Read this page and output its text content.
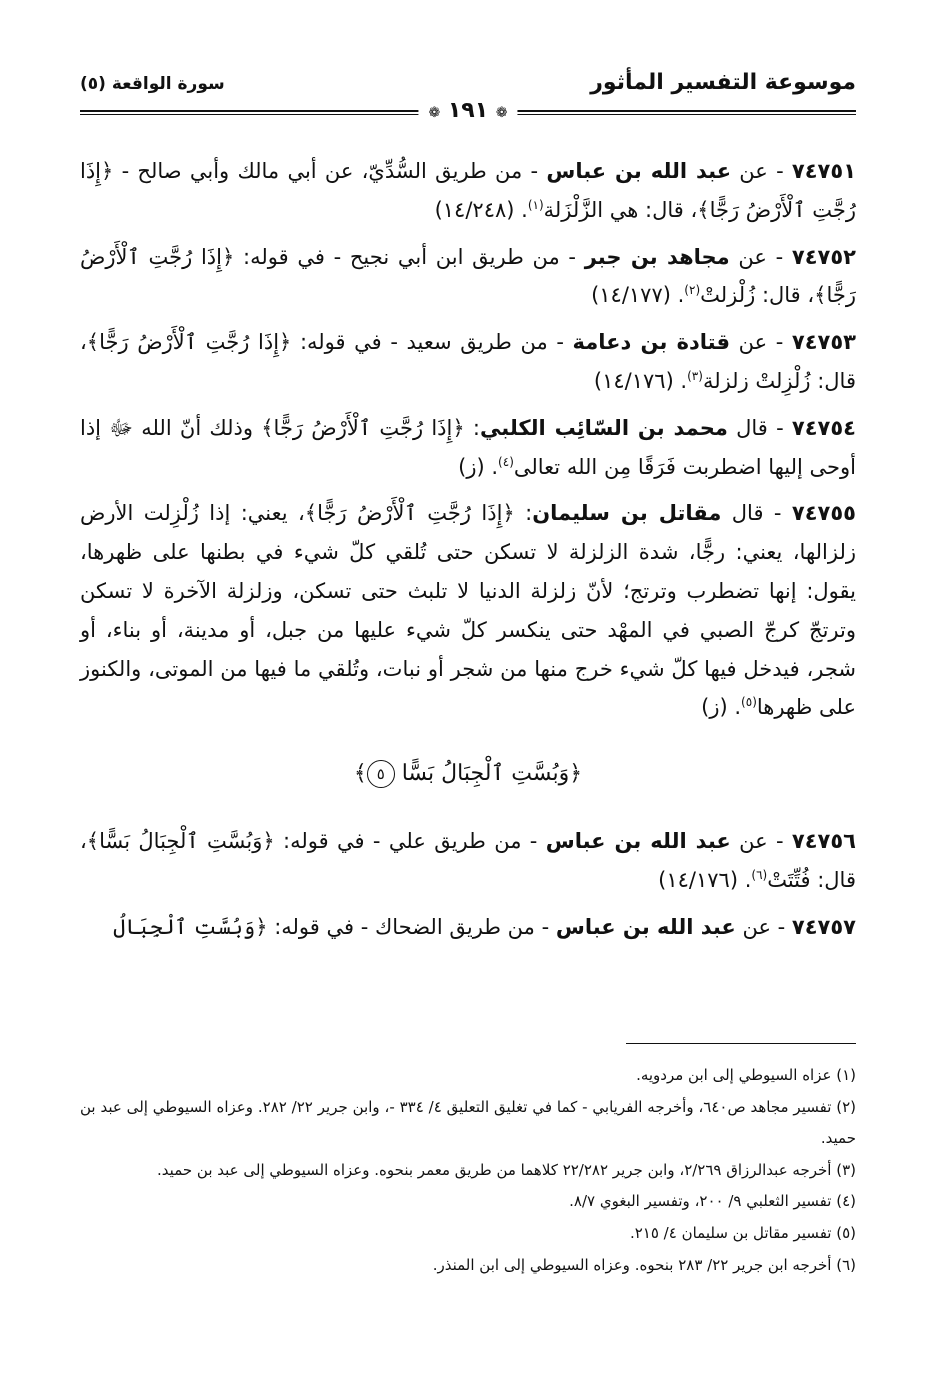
موسوعة التفسير المأثور
سورة الواقعة (٥)
❁ ١٩١ ❁

٧٤٧٥١ - عن عبد الله بن عباس - من طريق السُّدِّيّ، عن أبي مالك وأبي صالح - ﴿إِذَا رُجَّتِ ٱلْأَرْضُ رَجًّا﴾، قال: هي الزَّلْزَلة$^{(١)}$. (١٤/٢٤٨)

٧٤٧٥٢ - عن مجاهد بن جبر - من طريق ابن أبي نجيح - في قوله: ﴿إِذَا رُجَّتِ ٱلْأَرْضُ رَجًّا﴾، قال: زُلْزلتْ$^{(٢)}$. (١٤/١٧٧)

٧٤٧٥٣ - عن قتادة بن دعامة - من طريق سعيد - في قوله: ﴿إِذَا رُجَّتِ ٱلْأَرْضُ رَجًّا﴾، قال: زُلْزِلتْ زلزلة$^{(٣)}$. (١٤/١٧٦)

٧٤٧٥٤ - قال محمد بن السّائِب الكلبي: ﴿إِذَا رُجَّتِ ٱلْأَرْضُ رَجًّا﴾ وذلك أنّ الله ﷻ إذا أوحى إليها اضطربت فَرَقًا مِن الله تعالى$^{(٤)}$. (ز)

٧٤٧٥٥ - قال مقاتل بن سليمان: ﴿إِذَا رُجَّتِ ٱلْأَرْضُ رَجًّا﴾، يعني: إذا زُلْزِلت الأرض زلزالها، يعني: رجًّا، شدة الزلزلة لا تسكن حتى تُلقي كلّ شيء في بطنها على ظهرها، يقول: إنها تضطرب وترتج؛ لأنّ زلزلة الدنيا لا تلبث حتى تسكن، وزلزلة الآخرة لا تسكن وترتجّ كرجّ الصبي في المهْد حتى ينكسر كلّ شيء عليها من جبل، أو مدينة، أو بناء، أو شجر، فيدخل فيها كلّ شيء خرج منها من شجر أو نبات، وتُلقي ما فيها من الموتى، والكنوز على ظهرها$^{(٥)}$. (ز)

﴿وَبُسَّتِ ٱلْجِبَالُ بَسًّا ٥﴾

٧٤٧٥٦ - عن عبد الله بن عباس - من طريق علي - في قوله: ﴿وَبُسَّتِ ٱلْجِبَالُ بَسًّا﴾، قال: فُتِّتَتْ$^{(٦)}$. (١٤/١٧٦)

٧٤٧٥٧ - عن عبد الله بن عباس - من طريق الضحاك - في قوله: ﴿وَبُسَّتِ ٱلْجِبَالُ

(١) عزاه السيوطي إلى ابن مردويه.

(٢) تفسير مجاهد ص٦٤٠، وأخرجه الفريابي - كما في تغليق التعليق ٤/ ٣٣٤ -، وابن جرير ٢٢/ ٢٨٢. وعزاه السيوطي إلى عبد بن حميد.

(٣) أخرجه عبدالرزاق ٢/٢٦٩، وابن جرير ٢٢/٢٨٢ كلاهما من طريق معمر بنحوه. وعزاه السيوطي إلى عبد بن حميد.

(٤) تفسير الثعلبي ٩/ ٢٠٠، وتفسير البغوي ٨/٧.

(٥) تفسير مقاتل بن سليمان ٤/ ٢١٥.

(٦) أخرجه ابن جرير ٢٢/ ٢٨٣ بنحوه. وعزاه السيوطي إلى ابن المنذر.
